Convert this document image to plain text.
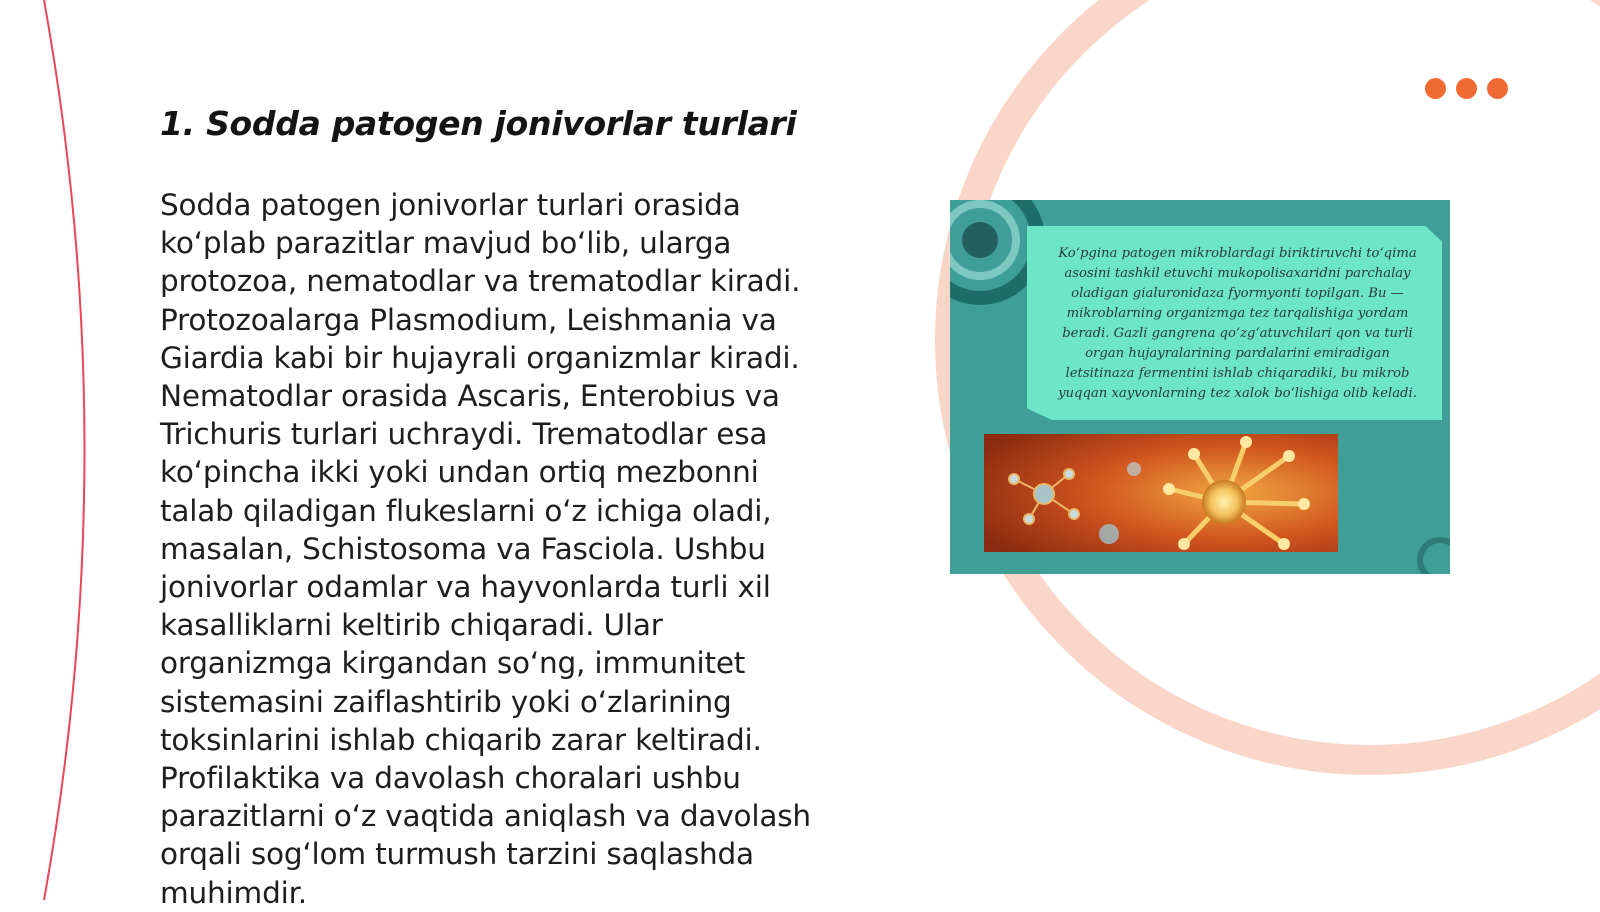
1. Sodda patogen jonivorlar turlari
Sodda patogen jonivorlar turlari orasida ko‘plab parazitlar mavjud bo‘lib, ularga protozoa, nematodlar va trematodlar kiradi. Protozoalarga Plasmodium, Leishmania va Giardia kabi bir hujayrali organizmlar kiradi. Nematodlar orasida Ascaris, Enterobius va Trichuris turlari uchraydi. Trematodlar esa ko‘pincha ikki yoki undan ortiq mezbonni talab qiladigan flukeslarni o‘z ichiga oladi, masalan, Schistosoma va Fasciola. Ushbu jonivorlar odamlar va hayvonlarda turli xil kasalliklarni keltirib chiqaradi. Ular organizmga kirgandan so‘ng, immunitet sistemasini zaiflashtirib yoki o‘zlarining toksinlarini ishlab chiqarib zarar keltiradi. Profilaktika va davolash choralari ushbu parazitlarni o‘z vaqtida aniqlash va davolash orqali sog‘lom turmush tarzini saqlashda muhimdir.
Ko‘pgina patogen mikroblardagi biriktiruvchi to‘qima asosini tashkil etuvchi mukopolisaxaridni parchalay oladigan gialuronidaza fyormyonti topilgan. Bu — mikroblarning organizmga tez tarqalishiga yordam beradi. Gazli gangrena qo‘zg‘atuvchilari qon va turli organ hujayralarining pardalarini emiradigan letsitinaza fermentini ishlab chiqaradiki, bu mikrob yuqqan xayvonlarning tez xalok bo‘lishiga olib keladi.
